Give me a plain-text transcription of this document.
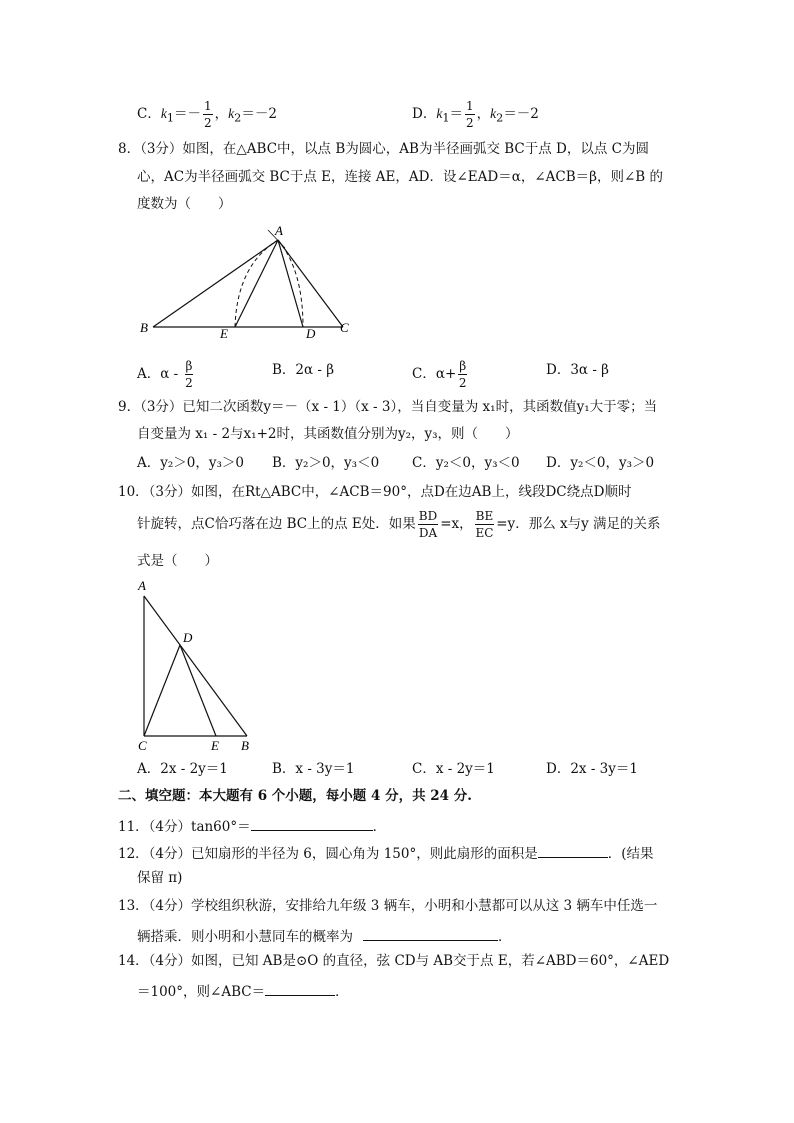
C．$k_1=- \frac{1}{2}$ ，$k_2=-2$	D．$k_1= \frac{1}{2}$ ，$k_2=-2$
8．（3分）如图，在△ABC中，以点 B为圆心，AB为半径画弧交 BC于点 D，以点 C为圆
心，AC为半径画弧交 BC于点 E，连接 AE，AD．设∠EAD＝α，∠ACB＝β，则∠B 的
度数为（　　）
A
B	C
D
E
A．α - $\frac{\beta}{2}$	B．2α - β	C．$\alpha+ \frac{\beta}{2}$	D．3α - β
9．（3分）已知二次函数y＝－（x - 1）（x - 3），当自变量为 x₁时，其函数值y₁大于零；当
自变量为 x₁ - 2与x₁+2时，其函数值分别为y₂，y₃，则（　　）
A．y₂＞0，y₃＞0 B．y₂＞0，y₃＜0 C．y₂＜0，y₃＜0 D．y₂＜0，y₃＞0
10．（3分）如图，在Rt△ABC中，∠ACB＝90°，点D在边AB上，线段DC绕点D顺时
针旋转，点C恰巧落在边 BC上的点 E处．如果 $\frac{BD}{DA} =x$， $\frac{BE}{EC} =y$．那么 x与y 满足的关系
式是（　　）
A
D
C	E B
A．2x - 2y＝1	B．x - 3y＝1	C．x - 2y＝1	D．2x - 3y＝1
二、填空题：本大题有 6 个小题，每小题 4 分，共 24 分.
11．（4分）tan60°＝	．
12．（4分）已知扇形的半径为 6，圆心角为 150°，则此扇形的面积是	．(结果
保留 π)
13．（4分）学校组织秋游，安排给九年级 3 辆车，小明和小慧都可以从这 3 辆车中任选一
辆搭乘．则小明和小慧同车的概率为	．
14．（4分）如图，已知 AB是⊙O 的直径，弦 CD与 AB交于点 E，若∠ABD＝60°，∠AED
＝100°，则∠ABC＝	．
